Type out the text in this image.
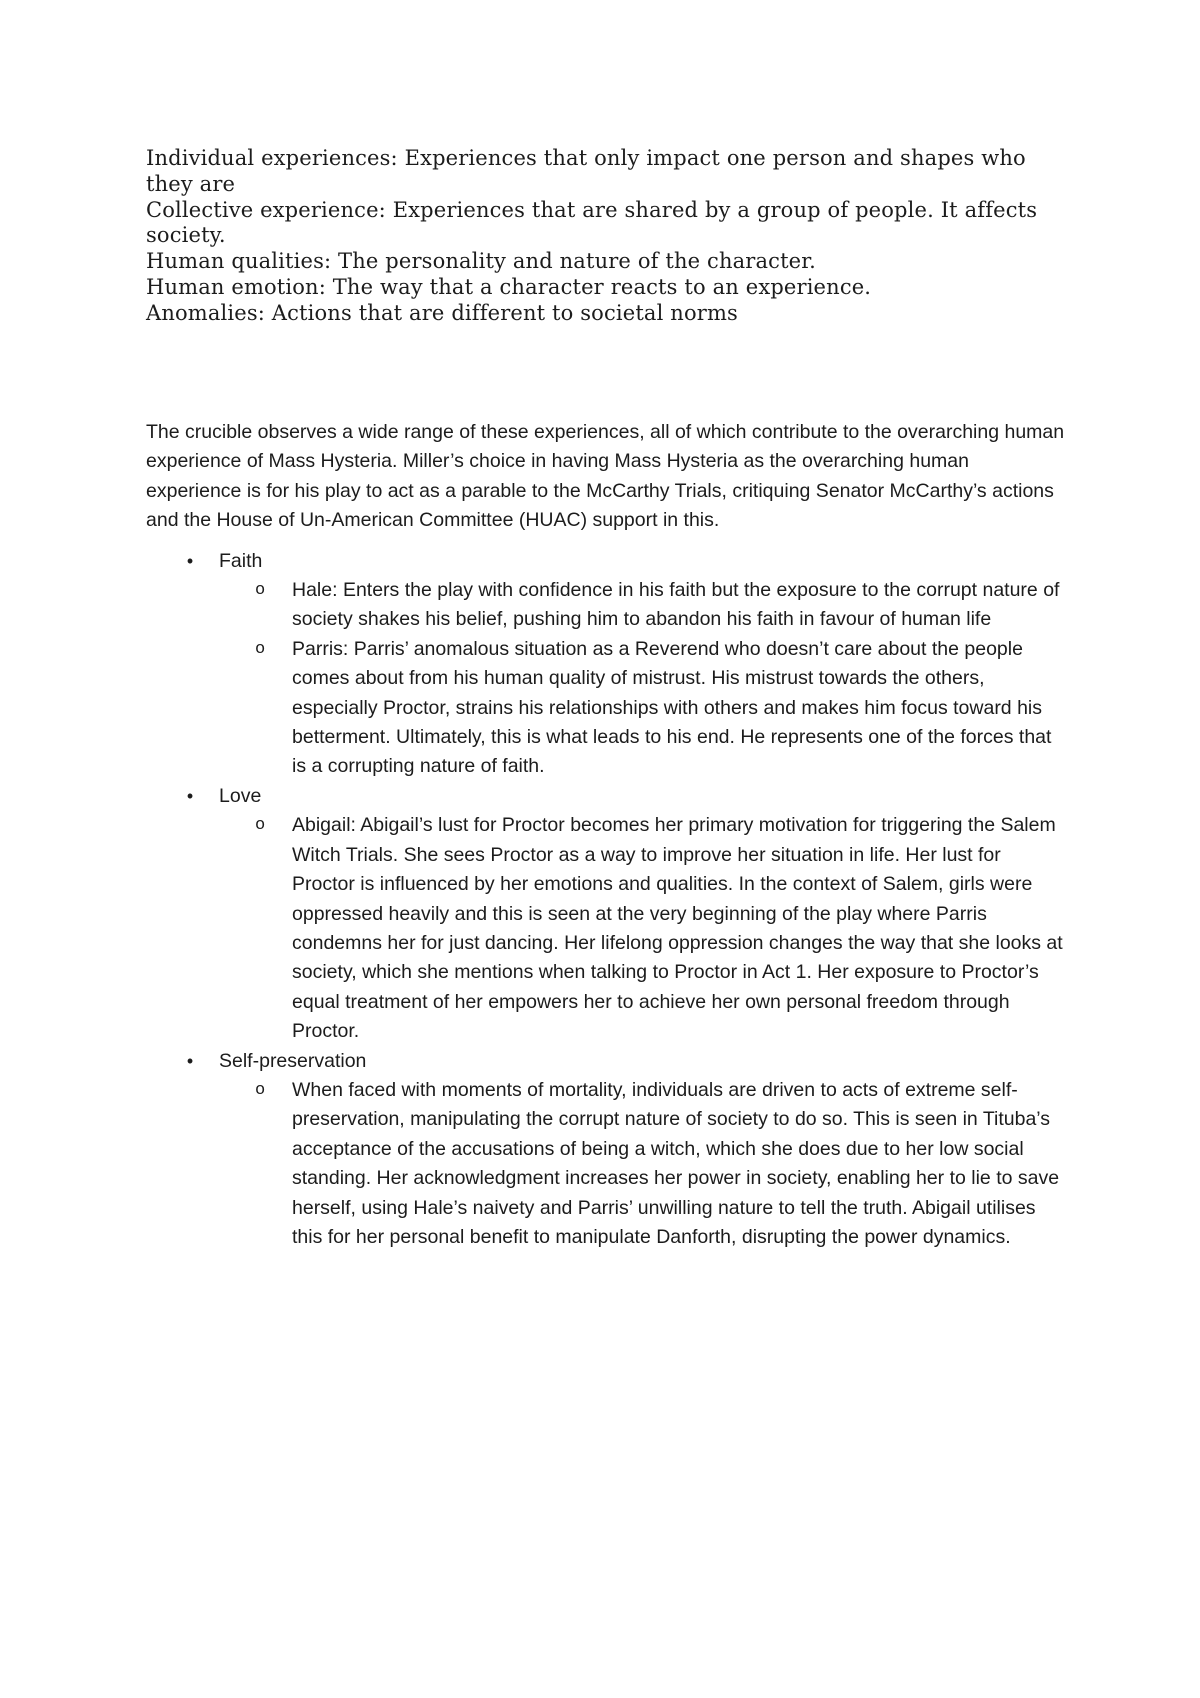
Individual experiences: Experiences that only impact one person and shapes who they are

Collective experience: Experiences that are shared by a group of people. It affects society.

Human qualities: The personality and nature of the character.

Human emotion: The way that a character reacts to an experience.

Anomalies: Actions that are different to societal norms

The crucible observes a wide range of these experiences, all of which contribute to the overarching human experience of Mass Hysteria. Miller’s choice in having Mass Hysteria as the overarching human experience is for his play to act as a parable to the McCarthy Trials, critiquing Senator McCarthy’s actions and the House of Un-American Committee (HUAC) support in this.

•	Faith
o Hale: Enters the play with confidence in his faith but the exposure to the corrupt nature of society shakes his belief, pushing him to abandon his faith in favour of human life
o Parris: Parris’ anomalous situation as a Reverend who doesn’t care about the people comes about from his human quality of mistrust. His mistrust towards the others, especially Proctor, strains his relationships with others and makes him focus toward his betterment. Ultimately, this is what leads to his end. He represents one of the forces that is a corrupting nature of faith.
•	Love
o Abigail: Abigail’s lust for Proctor becomes her primary motivation for triggering the Salem Witch Trials. She sees Proctor as a way to improve her situation in life. Her lust for Proctor is influenced by her emotions and qualities. In the context of Salem, girls were oppressed heavily and this is seen at the very beginning of the play where Parris condemns her for just dancing. Her lifelong oppression changes the way that she looks at society, which she mentions when talking to Proctor in Act 1. Her exposure to Proctor’s equal treatment of her empowers her to achieve her own personal freedom through Proctor.
•	Self-preservation
o When faced with moments of mortality, individuals are driven to acts of extreme self-preservation, manipulating the corrupt nature of society to do so. This is seen in Tituba’s acceptance of the accusations of being a witch, which she does due to her low social standing. Her acknowledgment increases her power in society, enabling her to lie to save herself, using Hale’s naivety and Parris’ unwilling nature to tell the truth. Abigail utilises this for her personal benefit to manipulate Danforth, disrupting the power dynamics.
